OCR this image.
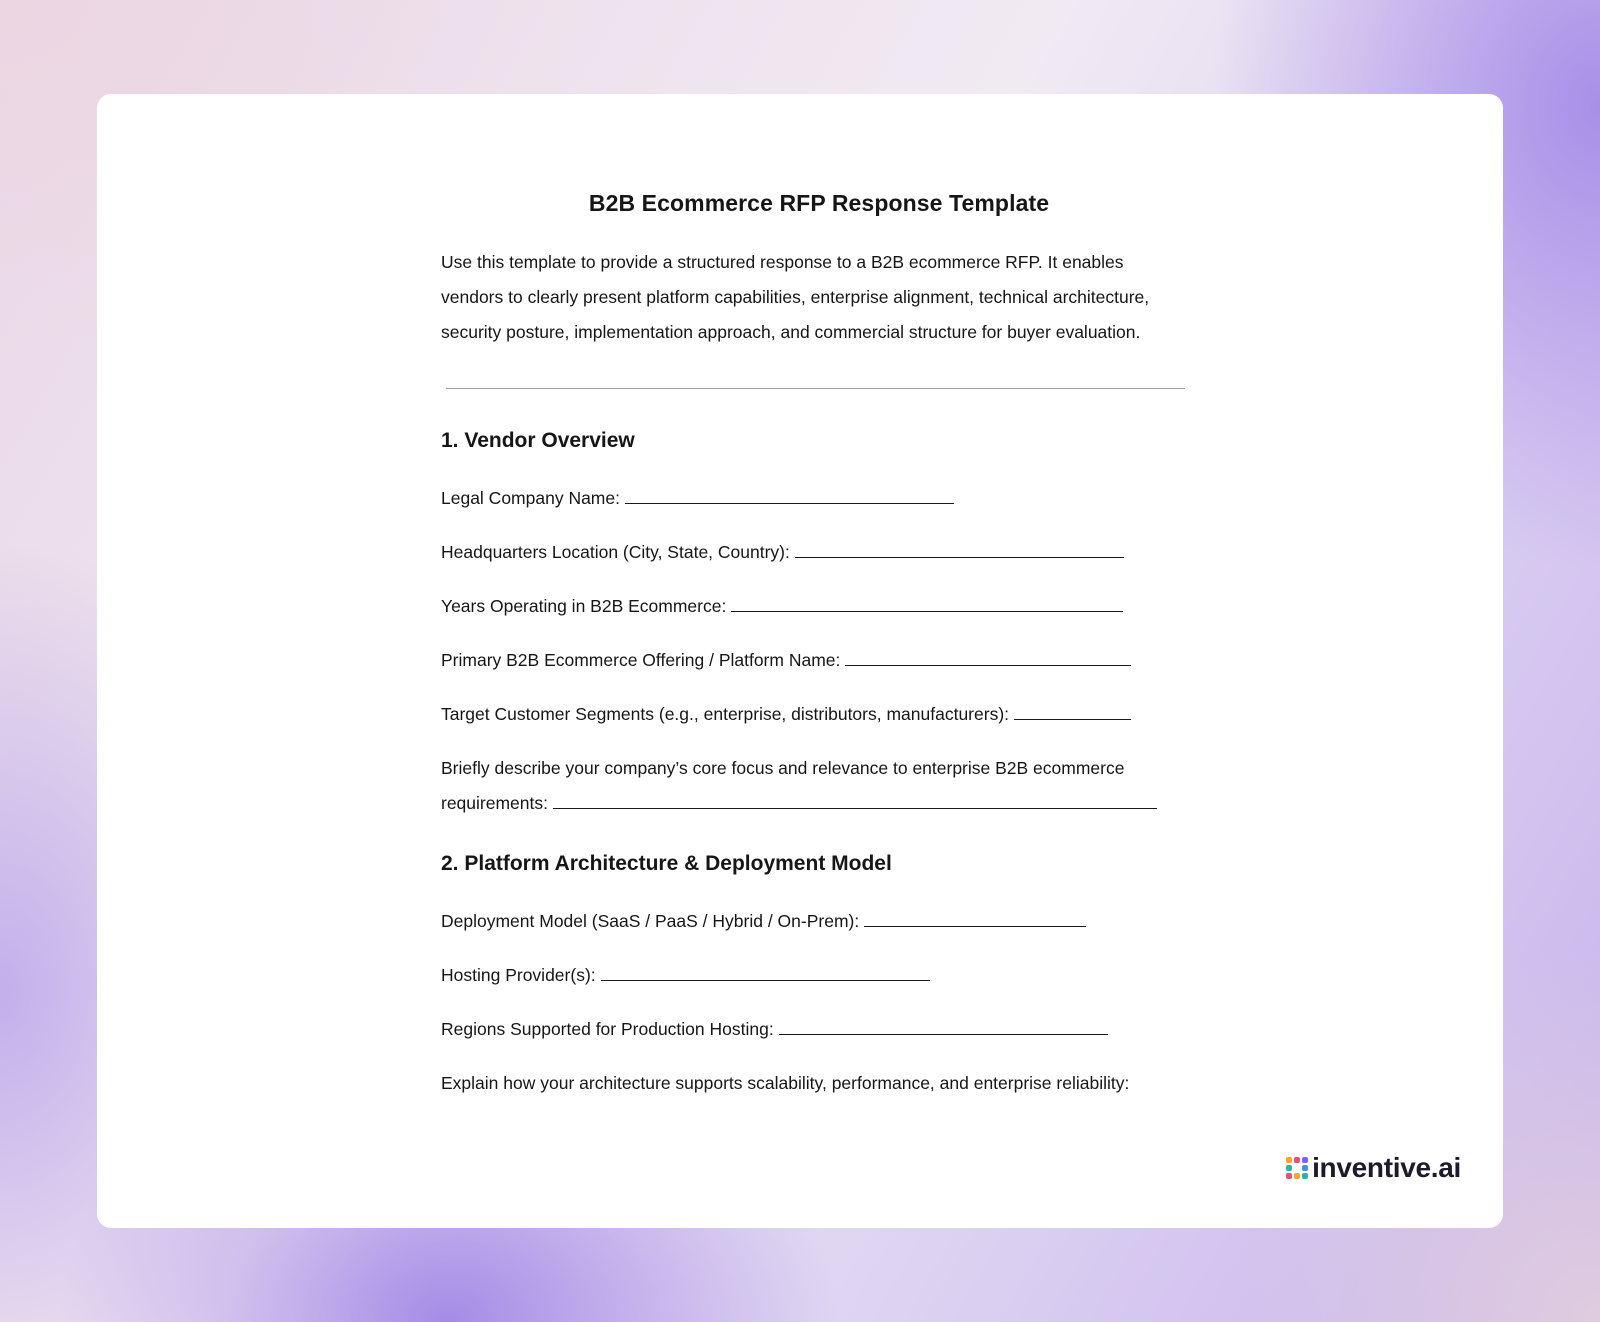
B2B Ecommerce RFP Response Template

Use this template to provide a structured response to a B2B ecommerce RFP. It enables vendors to clearly present platform capabilities, enterprise alignment, technical architecture, security posture, implementation approach, and commercial structure for buyer evaluation.

1. Vendor Overview

Legal Company Name:

Headquarters Location (City, State, Country):

Years Operating in B2B Ecommerce:

Primary B2B Ecommerce Offering / Platform Name:

Target Customer Segments (e.g., enterprise, distributors, manufacturers):

Briefly describe your company’s core focus and relevance to enterprise B2B ecommerce requirements:

2. Platform Architecture & Deployment Model

Deployment Model (SaaS / PaaS / Hybrid / On-Prem):

Hosting Provider(s):

Regions Supported for Production Hosting:

Explain how your architecture supports scalability, performance, and enterprise reliability:

inventive.ai
